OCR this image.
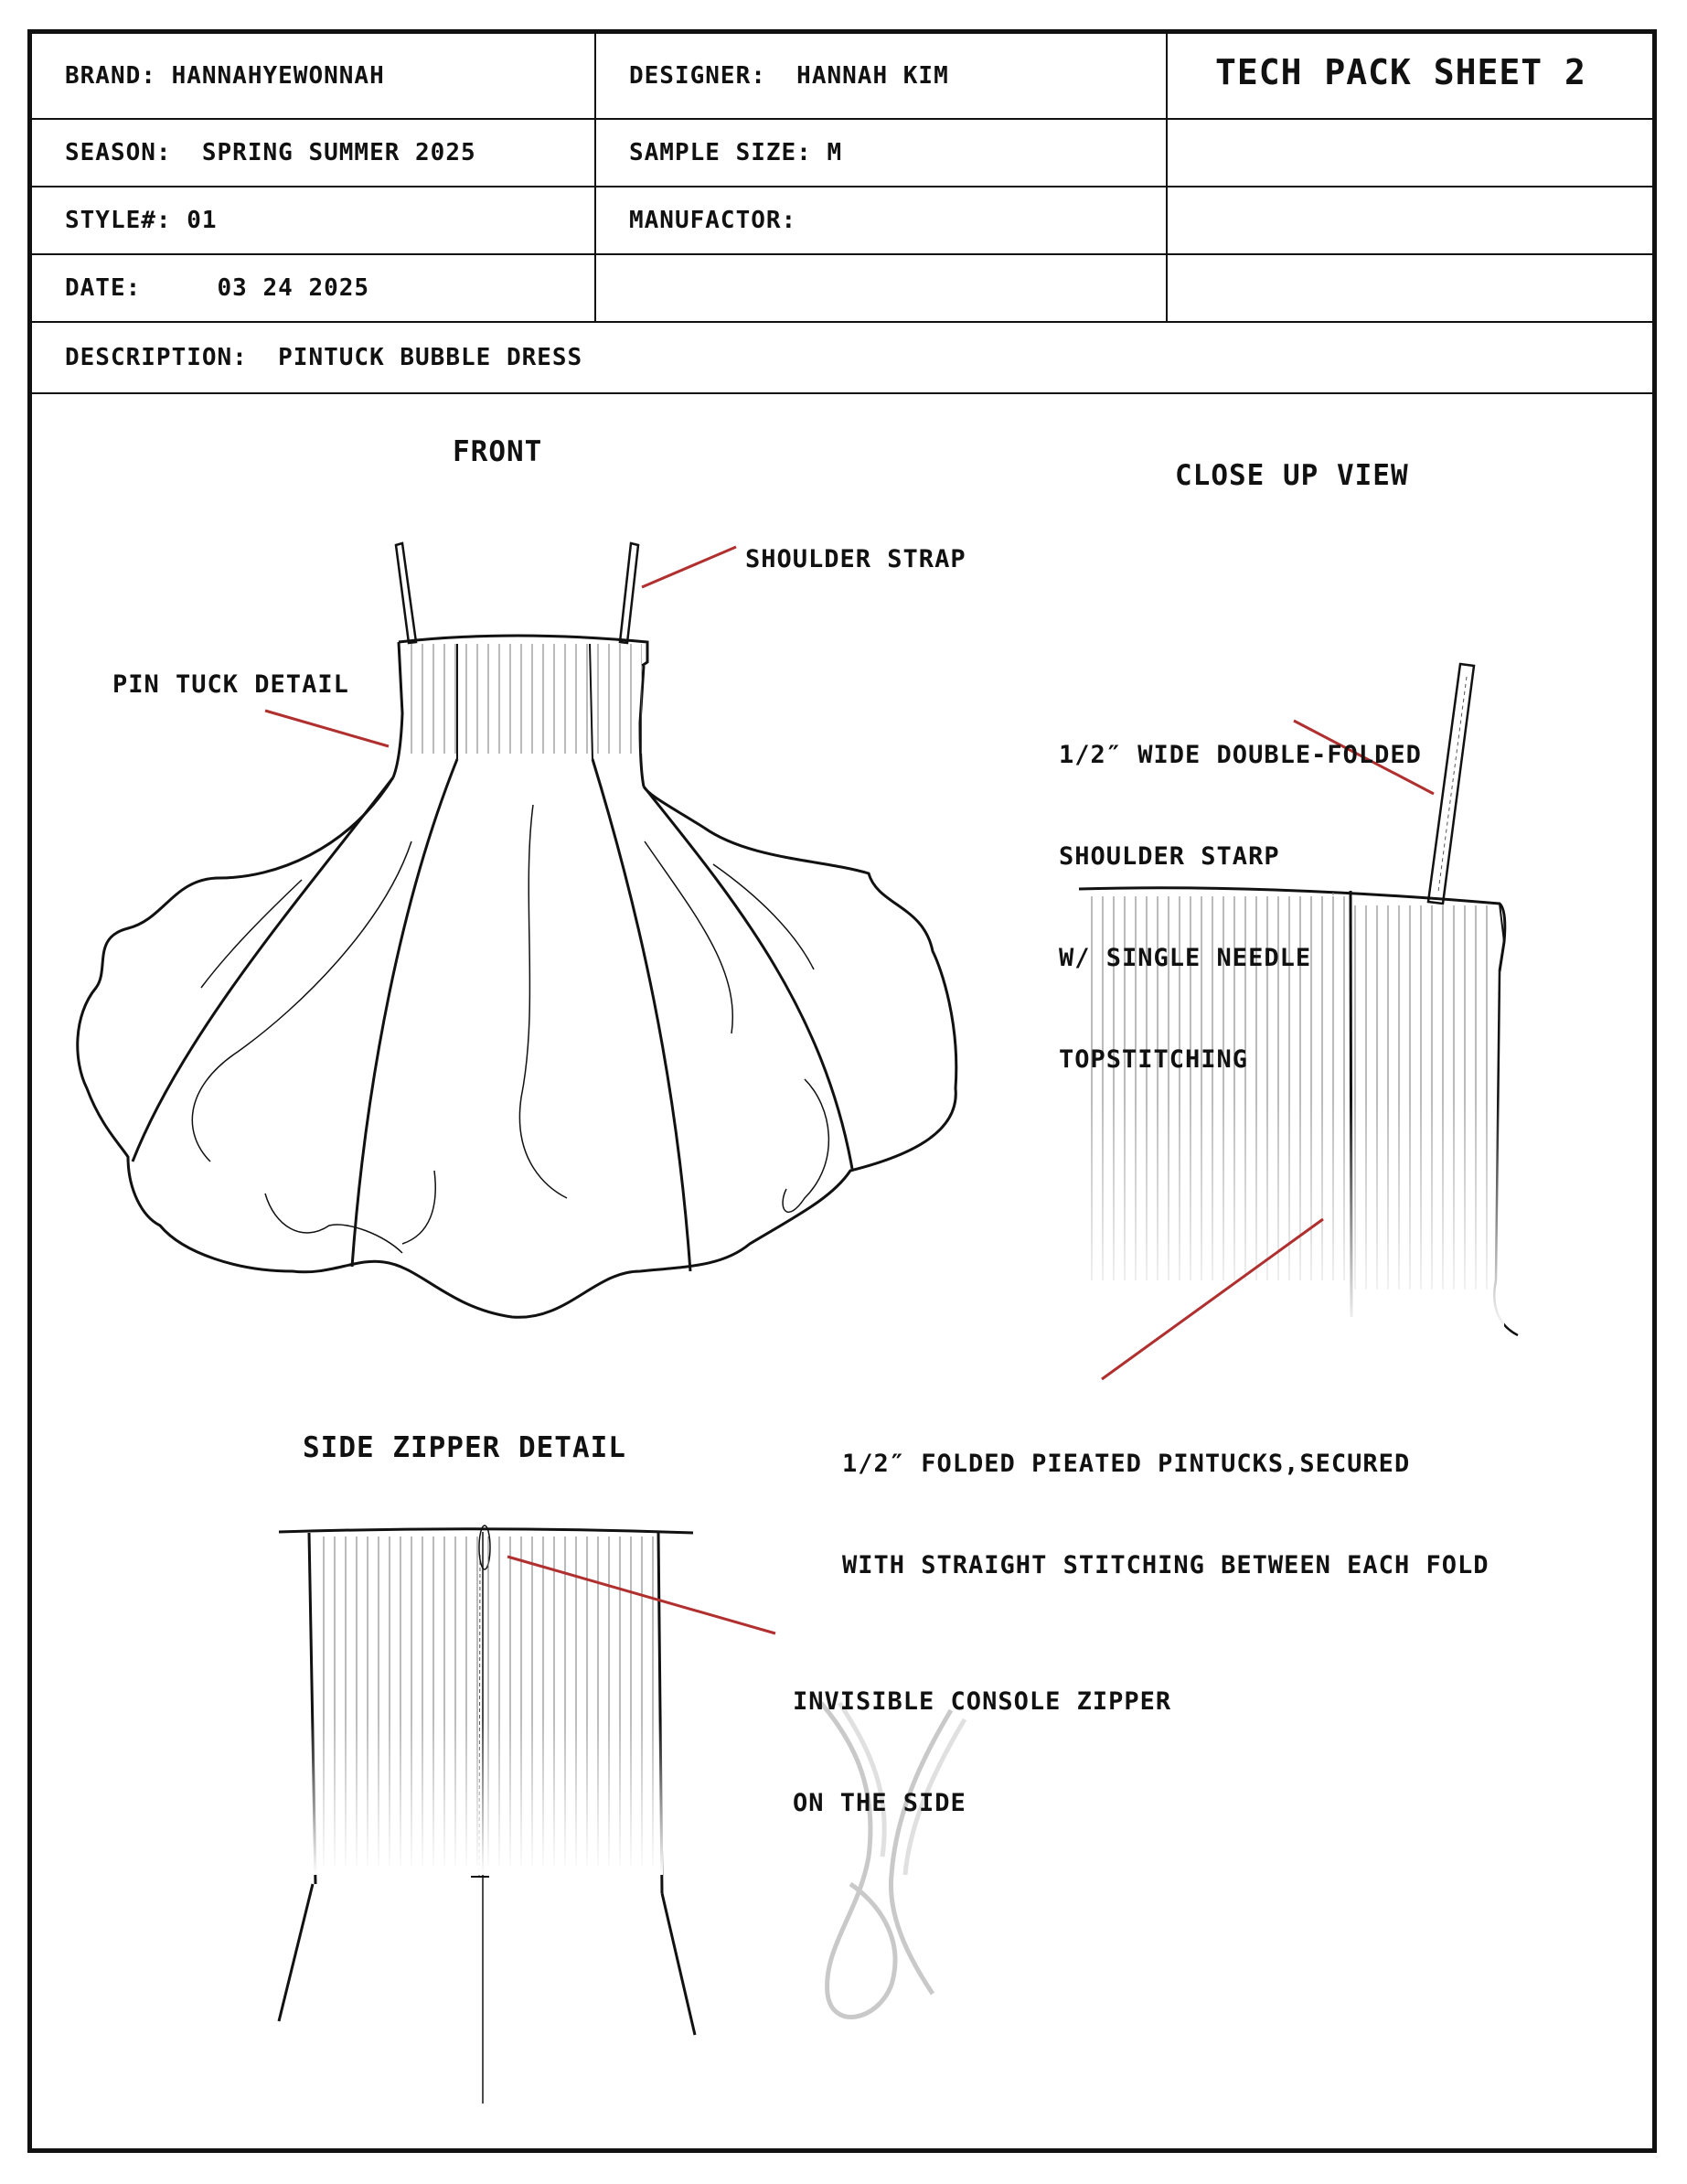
BRAND: HANNAHYEWONNAH	DESIGNER:  HANNAH KIM	TECH PACK SHEET 2
SEASON:  SPRING SUMMER 2025	SAMPLE SIZE: M
STYLE#: 01	MANUFACTOR:
DATE:     03 24 2025
DESCRIPTION:  PINTUCK BUBBLE DRESS
FRONT
CLOSE UP VIEW
SIDE ZIPPER DETAIL
SHOULDER STRAP
PIN TUCK DETAIL

1/2″ WIDE DOUBLE-FOLDED

SHOULDER STARP

W/ SINGLE NEEDLE

TOPSTITCHING

1/2″ FOLDED PIEATED PINTUCKS,SECURED

WITH STRAIGHT STITCHING BETWEEN EACH FOLD

INVISIBLE CONSOLE ZIPPER

ON THE SIDE
